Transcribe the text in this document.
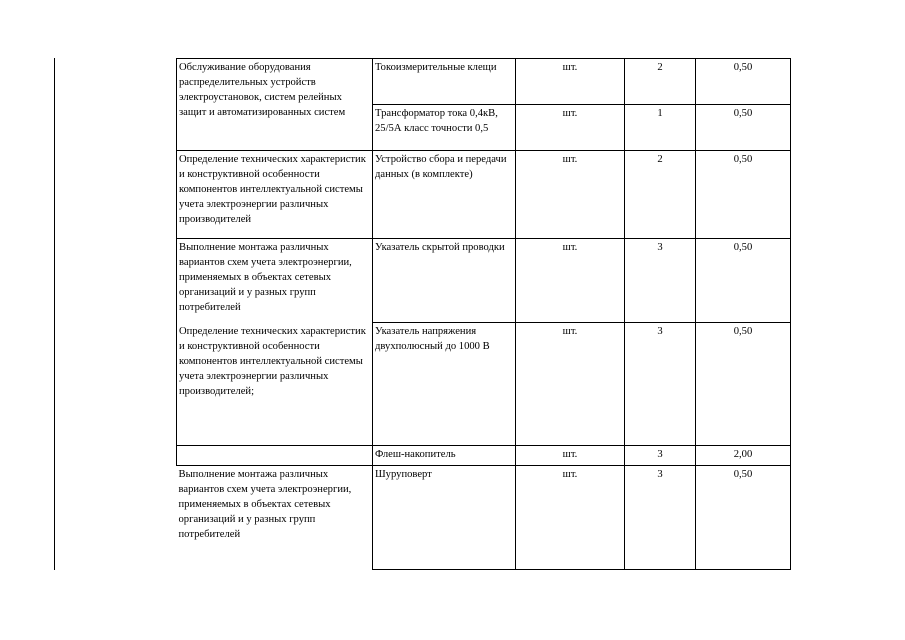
Обслуживание оборудования распределительных устройств электроустановок, систем релейных защит и автоматизированных систем	Токоизмерительные клещи	шт.	2	0,50
	Трансформатор тока 0,4кВ, 25/5А класс точности 0,5	шт.	1	0,50
Определение технических характеристик и конструктивной особенности компонентов интеллектуальной системы учета электроэнергии различных производителей	Устройство сбора и передачи данных (в комплекте)	шт.	2	0,50
Выполнение монтажа различных вариантов схем учета электроэнергии, применяемых в объектах сетевых организаций и у разных групп потребителей	Указатель скрытой проводки	шт.	3	0,50
Определение технических характеристик и конструктивной особенности компонентов интеллектуальной системы учета электроэнергии различных производителей;	Указатель напряжения двухполюсный до 1000 В	шт.	3	0,50
	Флеш-накопитель	шт.	3	2,00
Выполнение монтажа различных вариантов схем учета электроэнергии, применяемых в объектах сетевых организаций и у разных групп потребителей	Шуруповерт	шт.	3	0,50
